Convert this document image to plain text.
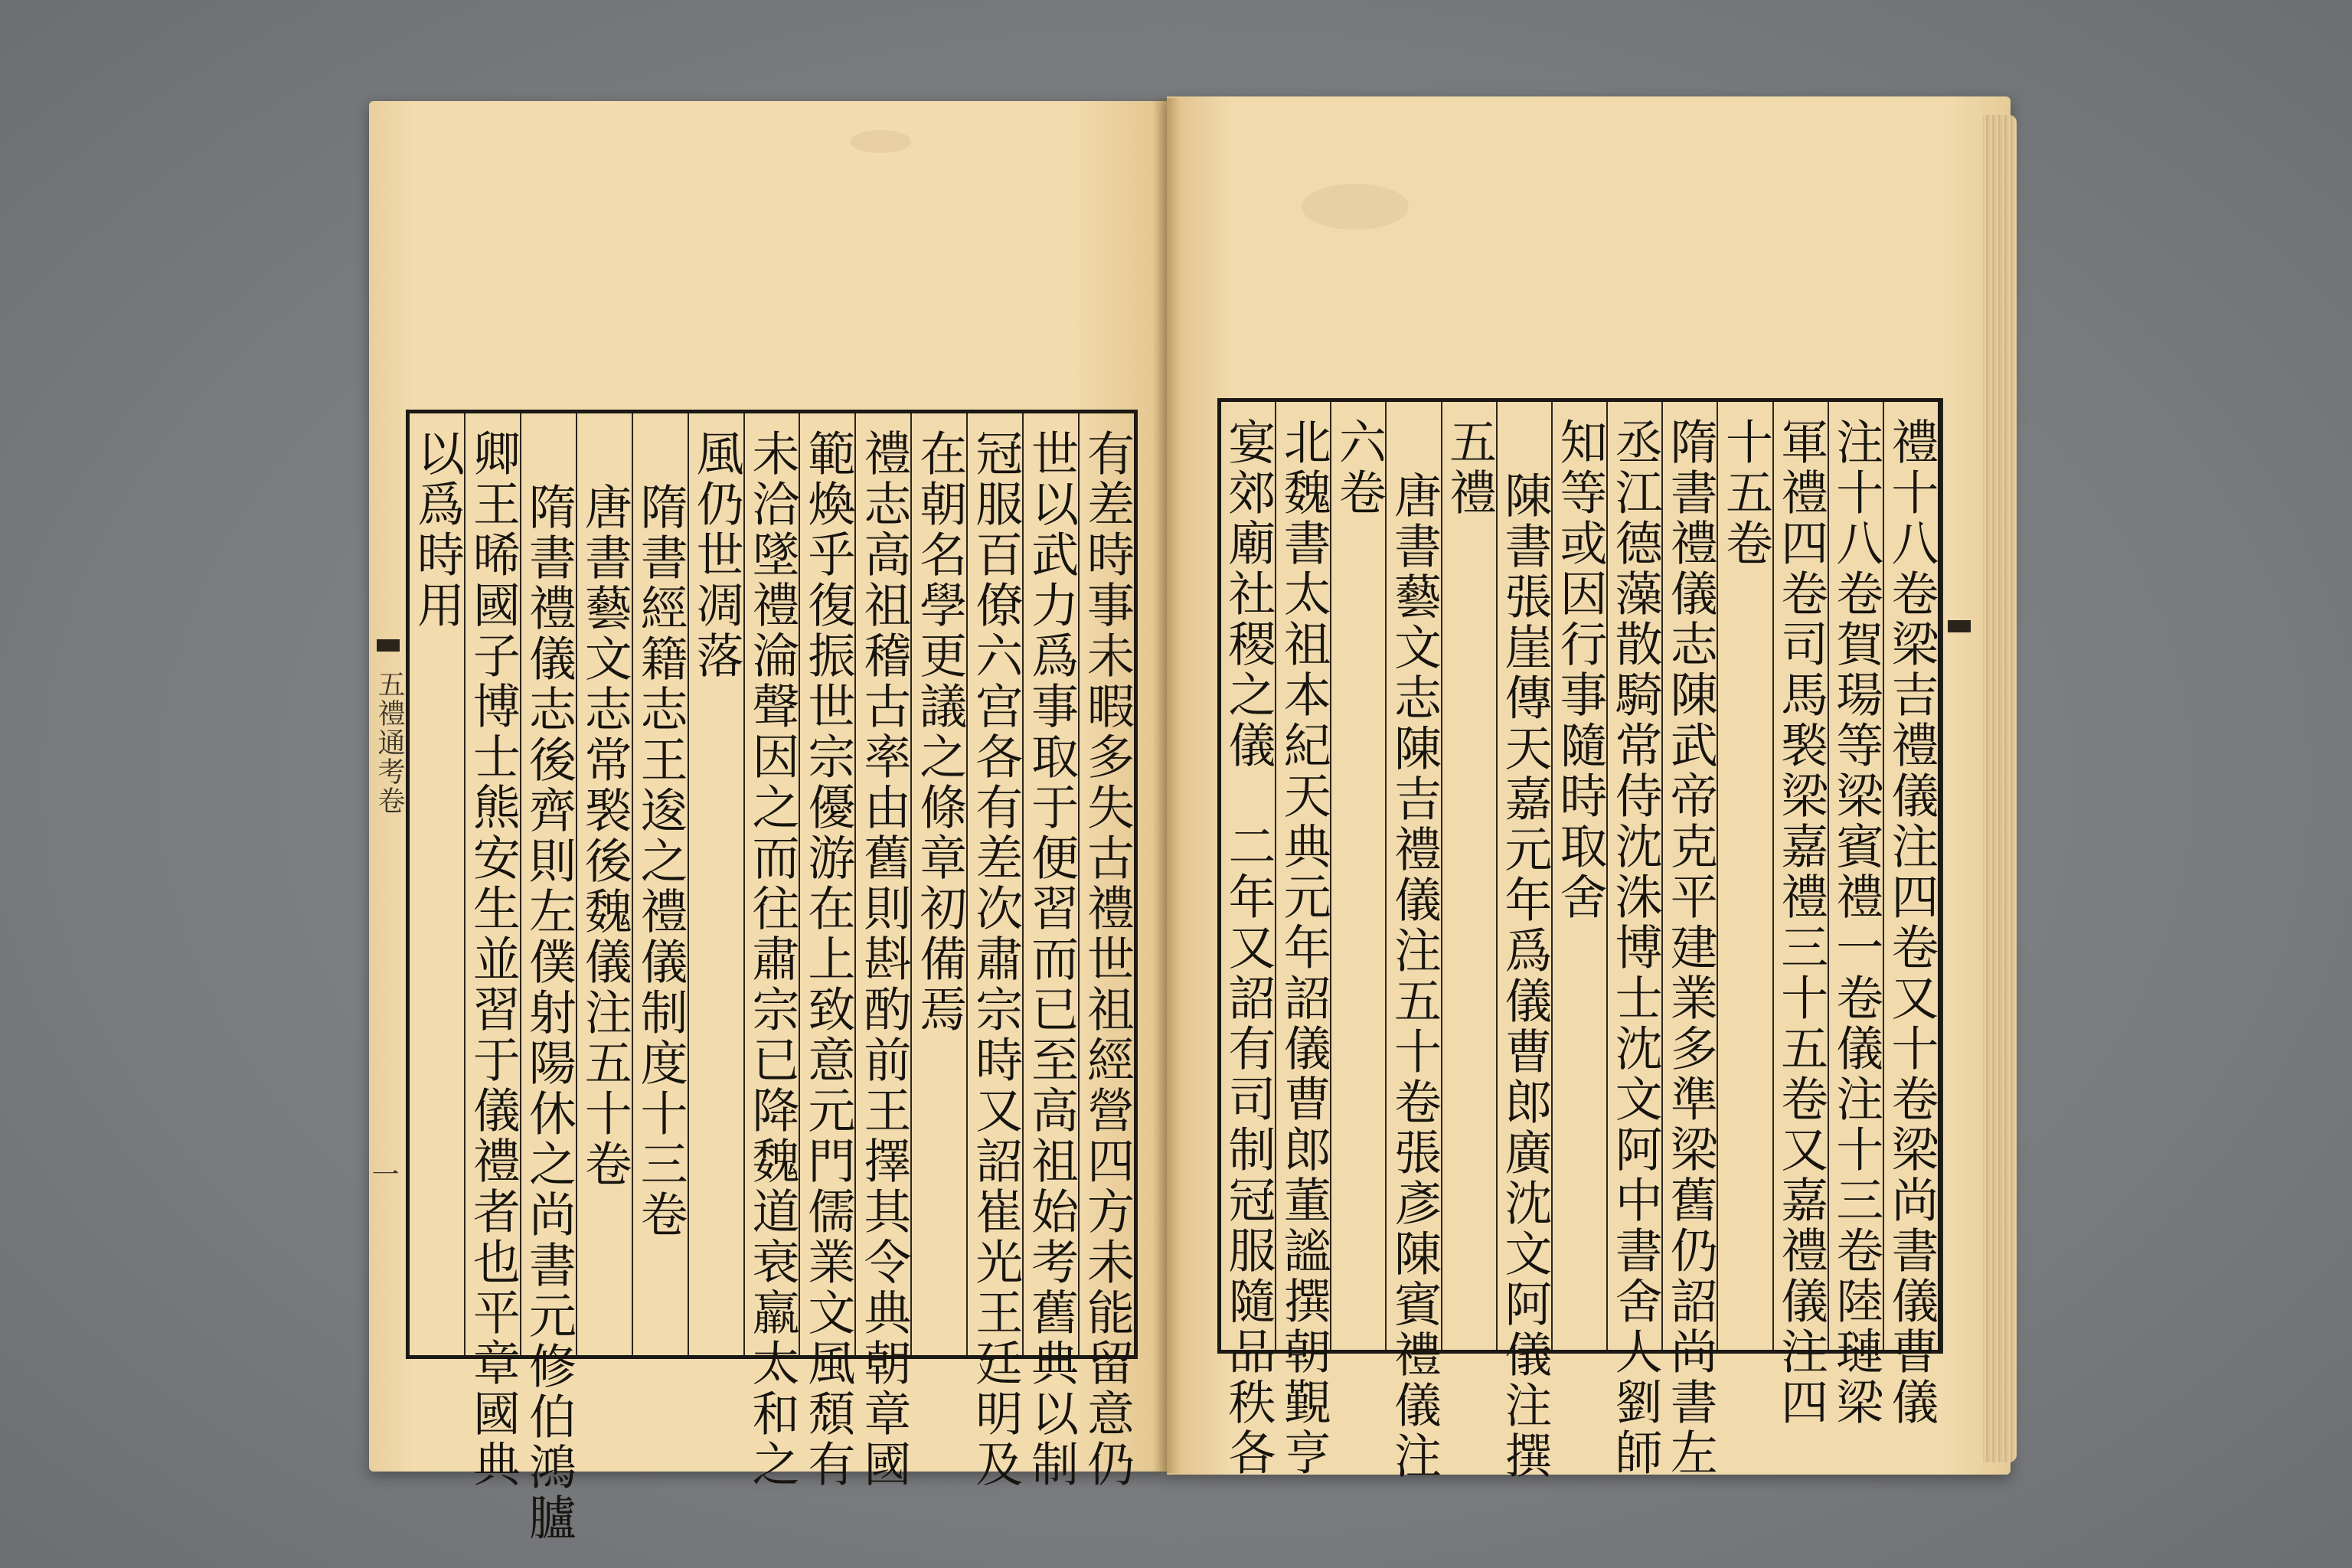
五禮通考卷
一	有差時事未暇多失古禮世祖經營四方未能留意仍
世以武力爲事取于便習而已至高祖始考舊典以制
冠服百僚六宫各有差次肅宗時又詔崔光王廷明及
在朝名學更議之條章初備焉
禮志高祖稽古率由舊則斟酌前王擇其令典朝章國
範煥乎復振世宗優游在上致意元門儒業文風頹有
未洽墜禮淪聲因之而往肅宗已降魏道衰羸太和之
風仍世凋落
隋書經籍志王逡之禮儀制度十三卷
唐書藝文志常褧後魏儀注五十卷
隋書禮儀志後齊則左僕射陽休之尚書元修伯鴻臚
卿王晞國子博士熊安生並習于儀禮者也平章國典
以爲時用	禮十八卷梁吉禮儀注四卷又十卷梁尚書儀曹儀
注十八卷賀瑒等梁賓禮一卷儀注十三卷陸璉梁
軍禮四卷司馬褧梁嘉禮三十五卷又嘉禮儀注四
十五卷
隋書禮儀志陳武帝克平建業多準梁舊仍詔尚書左
丞江德藻散騎常侍沈洙博士沈文阿中書舍人劉師
知等或因行事隨時取舍
陳書張崖傳天嘉元年爲儀曹郎廣沈文阿儀注撰
五禮
唐書藝文志陳吉禮儀注五十卷張彥陳賓禮儀注
六卷
北魏書太祖本紀天典元年詔儀曹郎董謐撰朝覲亨
宴郊廟社稷之儀　二年又詔有司制冠服隨品秩各
